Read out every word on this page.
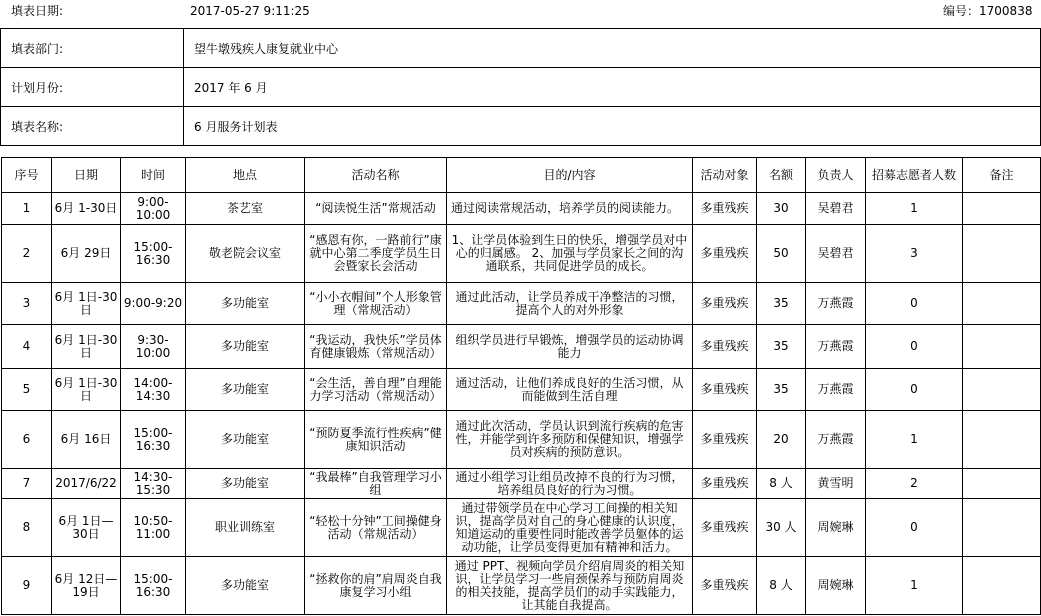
填表日期:	2017-05-27 9:11:25	编号：1700838
填表部门:	望牛墩残疾人康复就业中心
计划月份:	2017 年 6 月
填表名称:	6 月服务计划表
序号	日期	时间	地点	活动名称	目的/内容	活动对象	名额	负责人	招募志愿者人数	备注
1	6月 1-30日	9:00-10:00	茶艺室	“阅读悦生活”常规活动	通过阅读常规活动，培养学员的阅读能力。	多重残疾	30	吴碧君	1	
2	6月 29日	15:00-16:30	敬老院会议室	“感恩有你，一路前行”康就中心第二季度学员生日会暨家长会活动	1、让学员体验到生日的快乐，增强学员对中心的归属感。 2、加强与学员家长之间的沟通联系，共同促进学员的成长。	多重残疾	50	吴碧君	3	
3	6月 1日-30日	9:00-9:20	多功能室	“小小衣帽间”个人形象管理（常规活动）	通过此活动，让学员养成干净整洁的习惯，提高个人的对外形象	多重残疾	35	万燕霞	0	
4	6月 1日-30日	9:30-10:00	多功能室	“我运动，我快乐”学员体育健康锻炼（常规活动）	组织学员进行早锻炼，增强学员的运动协调能力	多重残疾	35	万燕霞	0	
5	6月 1日-30日	14:00-14:30	多功能室	“会生活，善自理”自理能力学习活动（常规活动）	通过活动，让他们养成良好的生活习惯，从而能做到生活自理	多重残疾	35	万燕霞	0	
6	6月 16日	15:00-16:30	多功能室	“预防夏季流行性疾病”健康知识活动	通过此次活动，学员认识到流行疾病的危害性，并能学到许多预防和保健知识，增强学员对疾病的预防意识。	多重残疾	20	万燕霞	1	
7	2017/6/22	14:30-15:30	多功能室	“我最棒”自我管理学习小组	通过小组学习让组员改掉不良的行为习惯，培养组员良好的行为习惯。	多重残疾	8 人	黄雪明	2	
8	6月 1日—30日	10:50-11:00	职业训练室	“轻松十分钟”工间操健身活动（常规活动）	通过带领学员在中心学习工间操的相关知识，提高学员对自己的身心健康的认识度，知道运动的重要性同时能改善学员躯体的运动功能，让学员变得更加有精神和活力。	多重残疾	30 人	周婉琳	0	
9	6月 12日—19日	15:00-16:30	多功能室	“拯救你的肩”肩周炎自我康复学习小组	通过 PPT、视频向学员介绍肩周炎的相关知识，让学员学习一些肩颈保养与预防肩周炎的相关技能，提高学员们的动手实践能力，让其能自我提高。	多重残疾	8 人	周婉琳	1	
